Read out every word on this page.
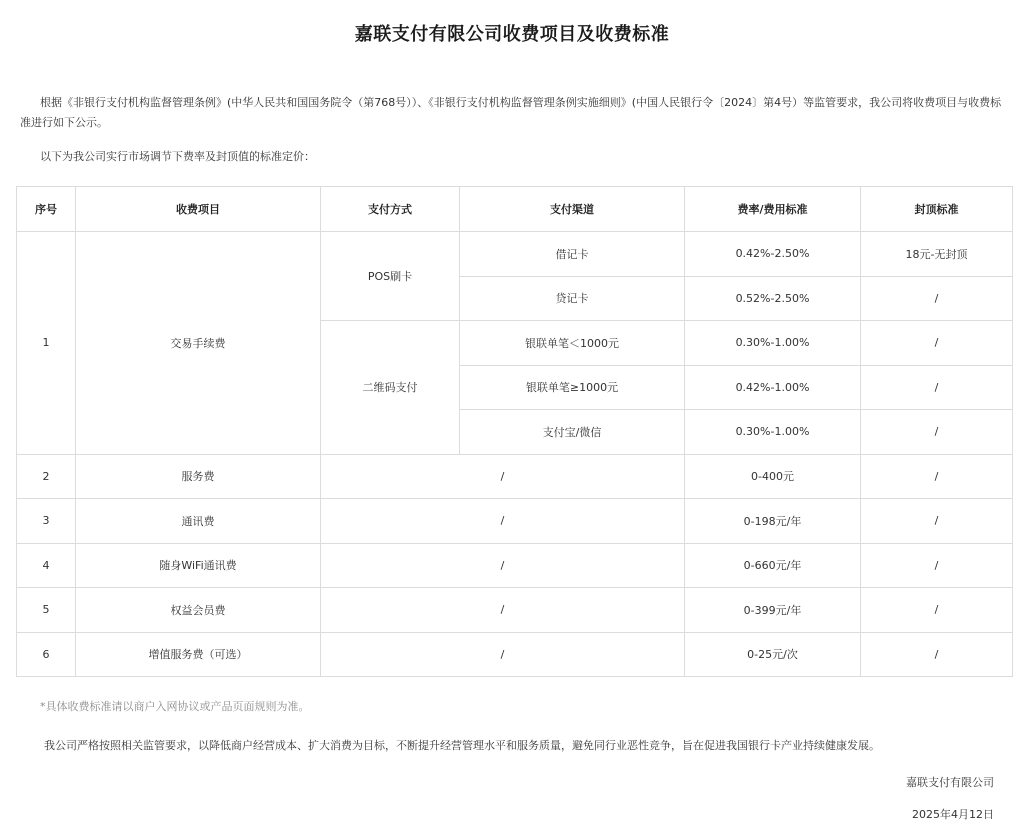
嘉联支付有限公司收费项目及收费标准
根据《非银行支付机构监督管理条例》(中华人民共和国国务院令（第768号））、《非银行支付机构监督管理条例实施细则》(中国人民银行令〔2024〕第4号）等监管要求，我公司将收费项目与收费标准进行如下公示。
以下为我公司实行市场调节下费率及封顶值的标准定价：
序号	收费项目	支付方式	支付渠道	费率/费用标准	封顶标准
1	交易手续费	POS刷卡	借记卡	0.42%-2.50%	18元-无封顶
			贷记卡	0.52%-2.50%	/
		二维码支付	银联单笔＜1000元	0.30%-1.00%	/
			银联单笔≥1000元	0.42%-1.00%	/
			支付宝/微信	0.30%-1.00%	/
2	服务费	/		0-400元	/
3	通讯费	/		0-198元/年	/
4	随身WiFi通讯费	/		0-660元/年	/
5	权益会员费	/		0-399元/年	/
6	增值服务费（可选）	/		0-25元/次	/
*具体收费标准请以商户入网协议或产品页面规则为准。
我公司严格按照相关监管要求，以降低商户经营成本、扩大消费为目标，不断提升经营管理水平和服务质量，避免同行业恶性竞争，旨在促进我国银行卡产业持续健康发展。
嘉联支付有限公司
2025年4月12日
